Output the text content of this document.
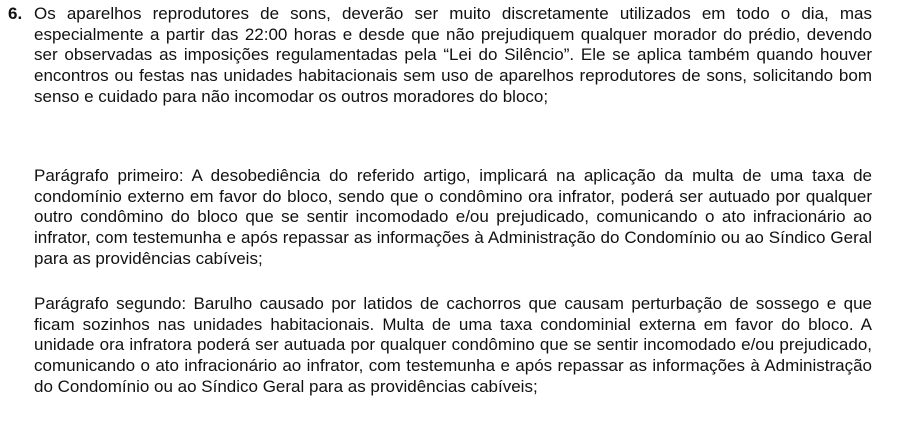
6. Os aparelhos reprodutores de sons, deverão ser muito discretamente utilizados em todo o dia, mas especialmente a partir das 22:00 horas e desde que não prejudiquem qualquer morador do prédio, devendo ser observadas as imposições regulamentadas pela “Lei do Silêncio”. Ele se aplica também quando houver encontros ou festas nas unidades habitacionais sem uso de aparelhos reprodutores de sons, solicitando bom senso e cuidado para não incomodar os outros moradores do bloco;

Parágrafo primeiro: A desobediência do referido artigo, implicará na aplicação da multa de uma taxa de condomínio externo em favor do bloco, sendo que o condômino ora infrator, poderá ser autuado por qualquer outro condômino do bloco que se sentir incomodado e/ou prejudicado, comunicando o ato infracionário ao infrator, com testemunha e após repassar as informações à Administração do Condomínio ou ao Síndico Geral para as providências cabíveis;

Parágrafo segundo: Barulho causado por latidos de cachorros que causam perturbação de sossego e que ficam sozinhos nas unidades habitacionais. Multa de uma taxa condominial externa em favor do bloco. A unidade ora infratora poderá ser autuada por qualquer condômino que se sentir incomodado e/ou prejudicado, comunicando o ato infracionário ao infrator, com testemunha e após repassar as informações à Administração do Condomínio ou ao Síndico Geral para as providências cabíveis;
